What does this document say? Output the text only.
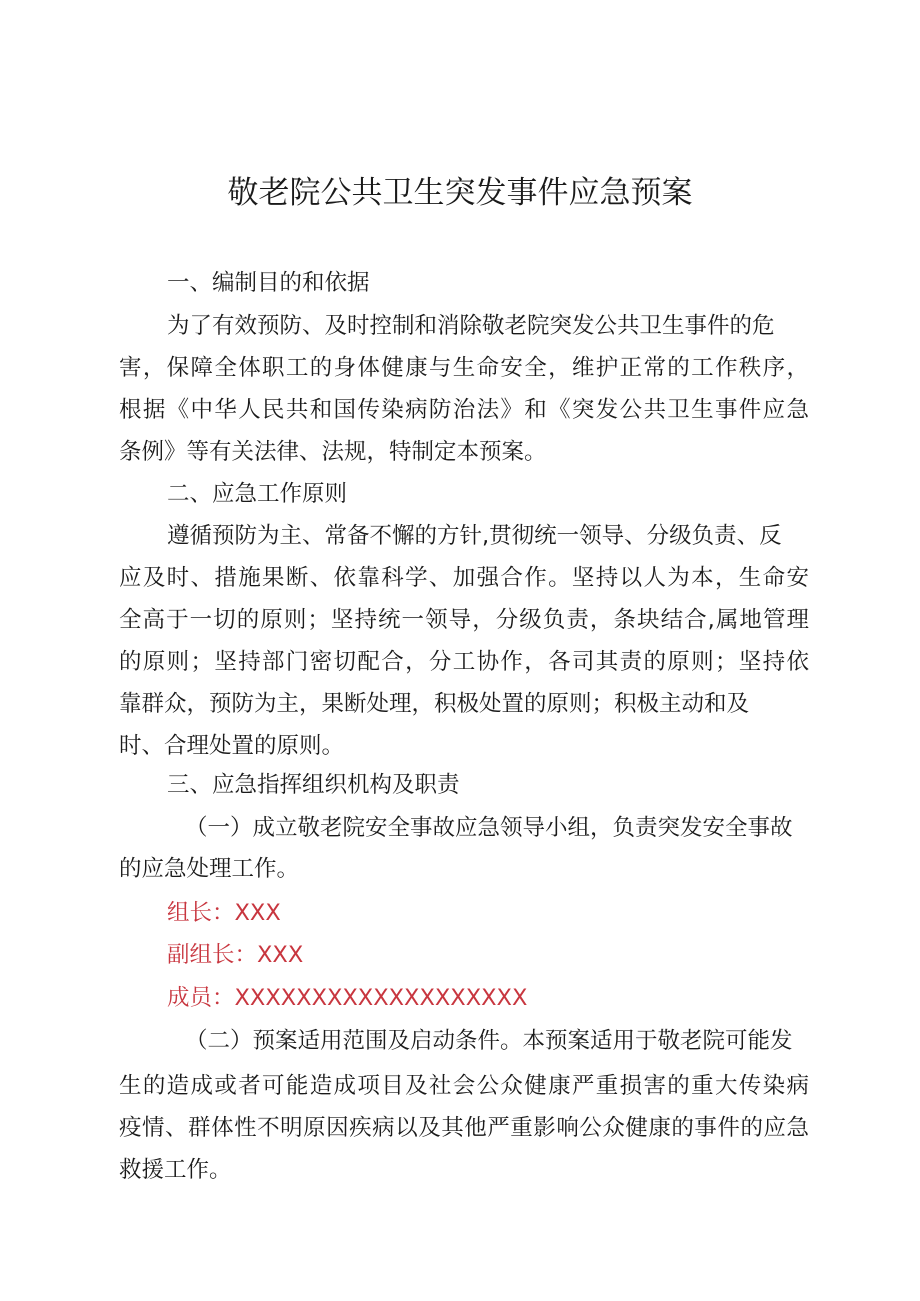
敬老院公共卫生突发事件应急预案

一、编制目的和依据

为了有效预防、及时控制和消除敬老院突发公共卫生事件的危

害，保障全体职工的身体健康与生命安全，维护正常的工作秩序，

根据《中华人民共和国传染病防治法》和《突发公共卫生事件应急

条例》等有关法律、法规，特制定本预案。

二、应急工作原则

遵循预防为主、常备不懈的方针,贯彻统一领导、分级负责、反

应及时、措施果断、依靠科学、加强合作。坚持以人为本，生命安

全高于一切的原则；坚持统一领导，分级负责，条块结合,属地管理

的原则；坚持部门密切配合，分工协作，各司其责的原则；坚持依

靠群众，预防为主，果断处理，积极处置的原则；积极主动和及

时、合理处置的原则。

三、应急指挥组织机构及职责

（一）成立敬老院安全事故应急领导小组，负责突发安全事故

的应急处理工作。

组长：XXX

副组长：XXX

成员：XXXXXXXXXXXXXXXXXXX

（二）预案适用范围及启动条件。本预案适用于敬老院可能发

生的造成或者可能造成项目及社会公众健康严重损害的重大传染病

疫情、群体性不明原因疾病以及其他严重影响公众健康的事件的应急

救援工作。
